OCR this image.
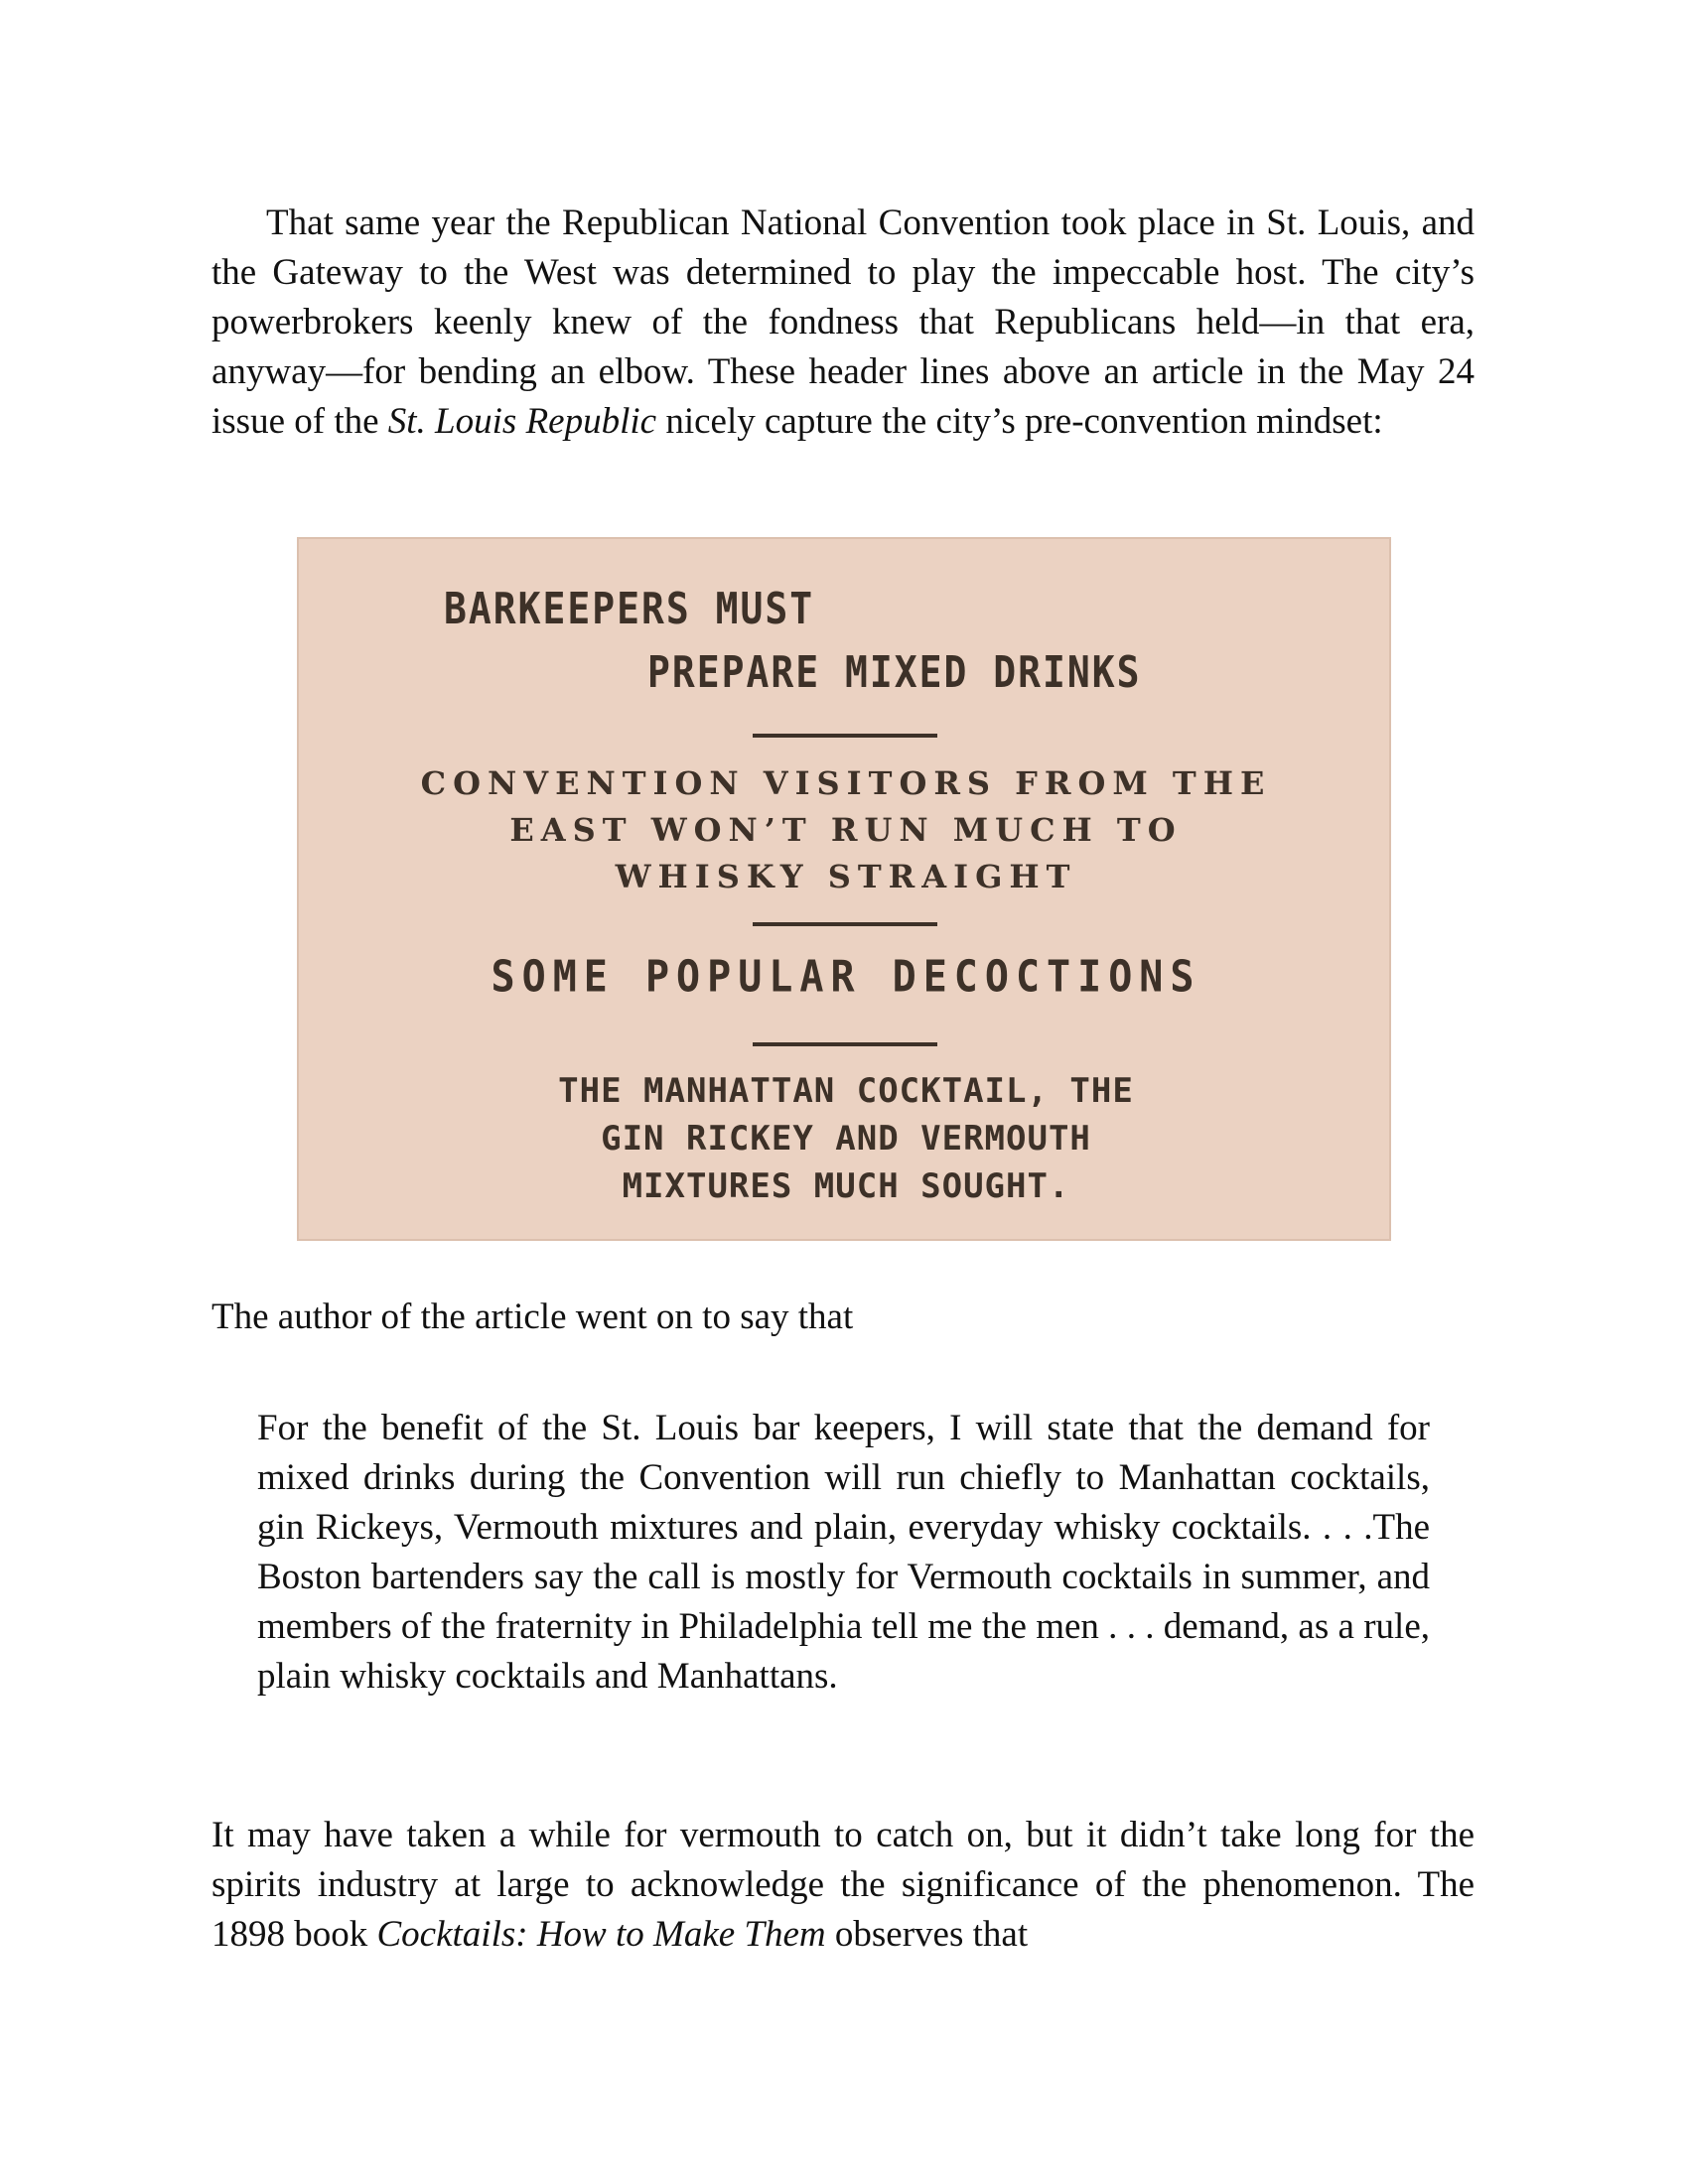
That same year the Republican National Convention took place in St. Louis, and the Gateway to the West was determined to play the impeccable host. The city’s powerbrokers keenly knew of the fondness that Republicans held—in that era, anyway—for bending an elbow. These header lines above an article in the May 24 issue of the St. Louis Republic nicely capture the city’s pre-convention mindset:

BARKEEPERS MUST
PREPARE MIXED DRINKS
CONVENTION VISITORS FROM THE
EAST WON’T RUN MUCH TO
WHISKY STRAIGHT
SOME POPULAR DECOCTIONS
THE MANHATTAN COCKTAIL, THE
GIN RICKEY AND VERMOUTH
MIXTURES MUCH SOUGHT.

The author of the article went on to say that

For the benefit of the St. Louis bar keepers, I will state that the demand for mixed drinks during the Convention will run chiefly to Manhattan cocktails, gin Rickeys, Vermouth mixtures and plain, everyday whisky cocktails. . . .The Boston bartenders say the call is mostly for Vermouth cocktails in summer, and members of the fraternity in Philadelphia tell me the men . . . demand, as a rule, plain whisky cocktails and Manhattans.

It may have taken a while for vermouth to catch on, but it didn’t take long for the spirits industry at large to acknowledge the significance of the phenomenon. The 1898 book Cocktails: How to Make Them observes that
